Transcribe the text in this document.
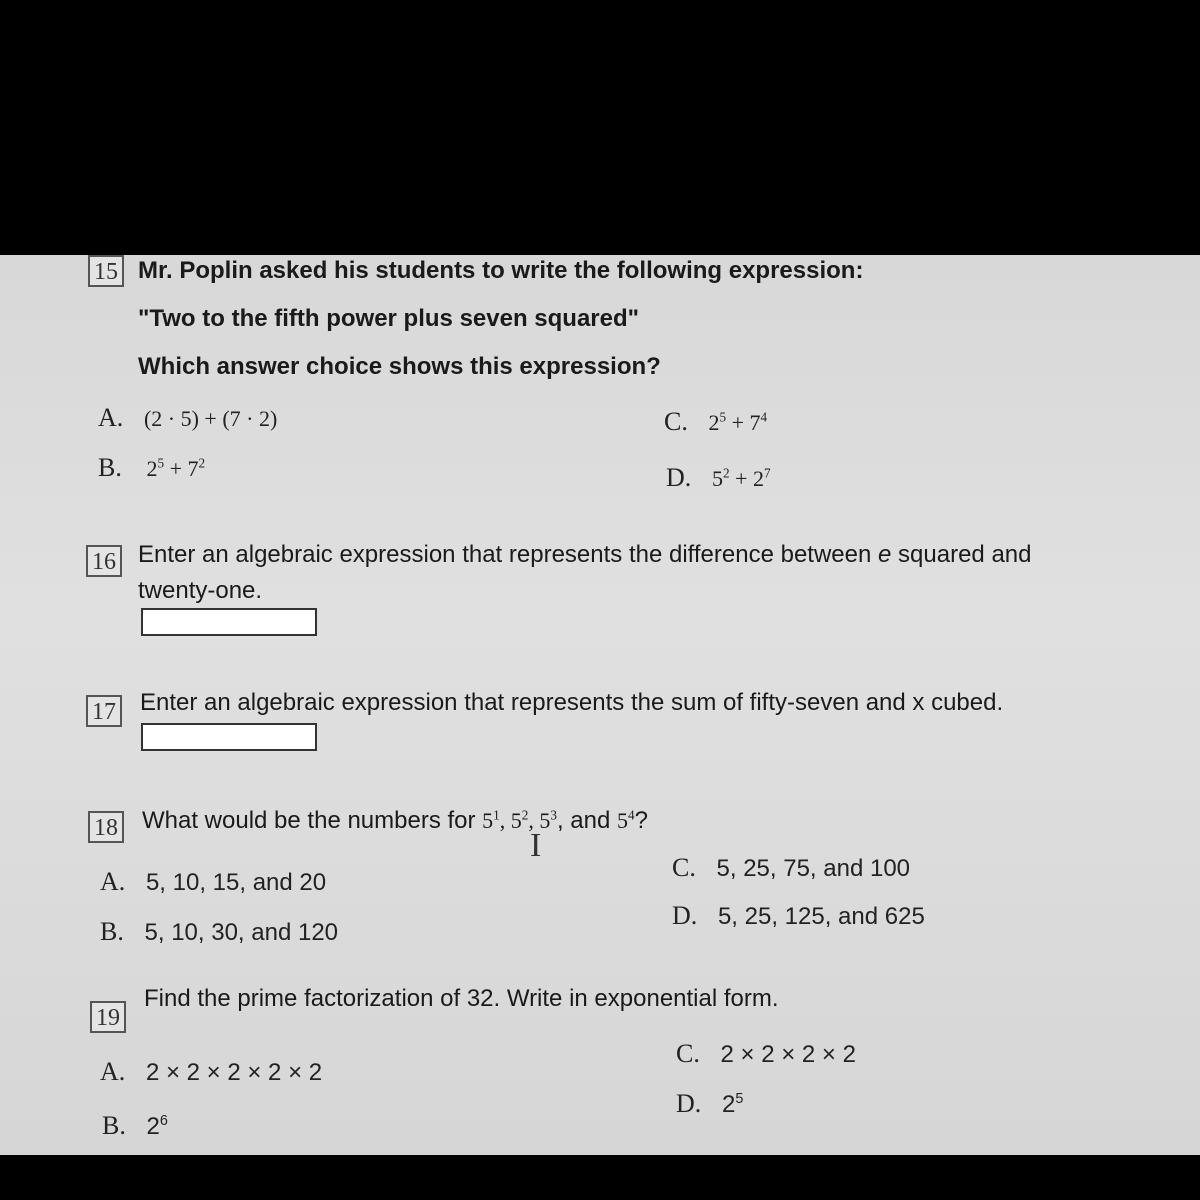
15 Mr. Poplin asked his students to write the following expression:
"Two to the fifth power plus seven squared"
Which answer choice shows this expression?
A. (2 · 5) + (7 · 2)
B. $2^5 + 7^2$
C. $2^5 + 7^4$
D. $5^2 + 2^7$
16 Enter an algebraic expression that represents the difference between e squared and
twenty-one.
17 Enter an algebraic expression that represents the sum of fifty-seven and x cubed.
18 What would be the numbers for $5^1$, $5^2$, $5^3$, and $5^4$?
I
A. 5, 10, 15, and 20
B. 5, 10, 30, and 120
C. 5, 25, 75, and 100
D. 5, 25, 125, and 625
19
Find the prime factorization of 32. Write in exponential form.
A. 2 × 2 × 2 × 2 × 2
B. $2^6$
C. 2 × 2 × 2 × 2
D. $2^5$
